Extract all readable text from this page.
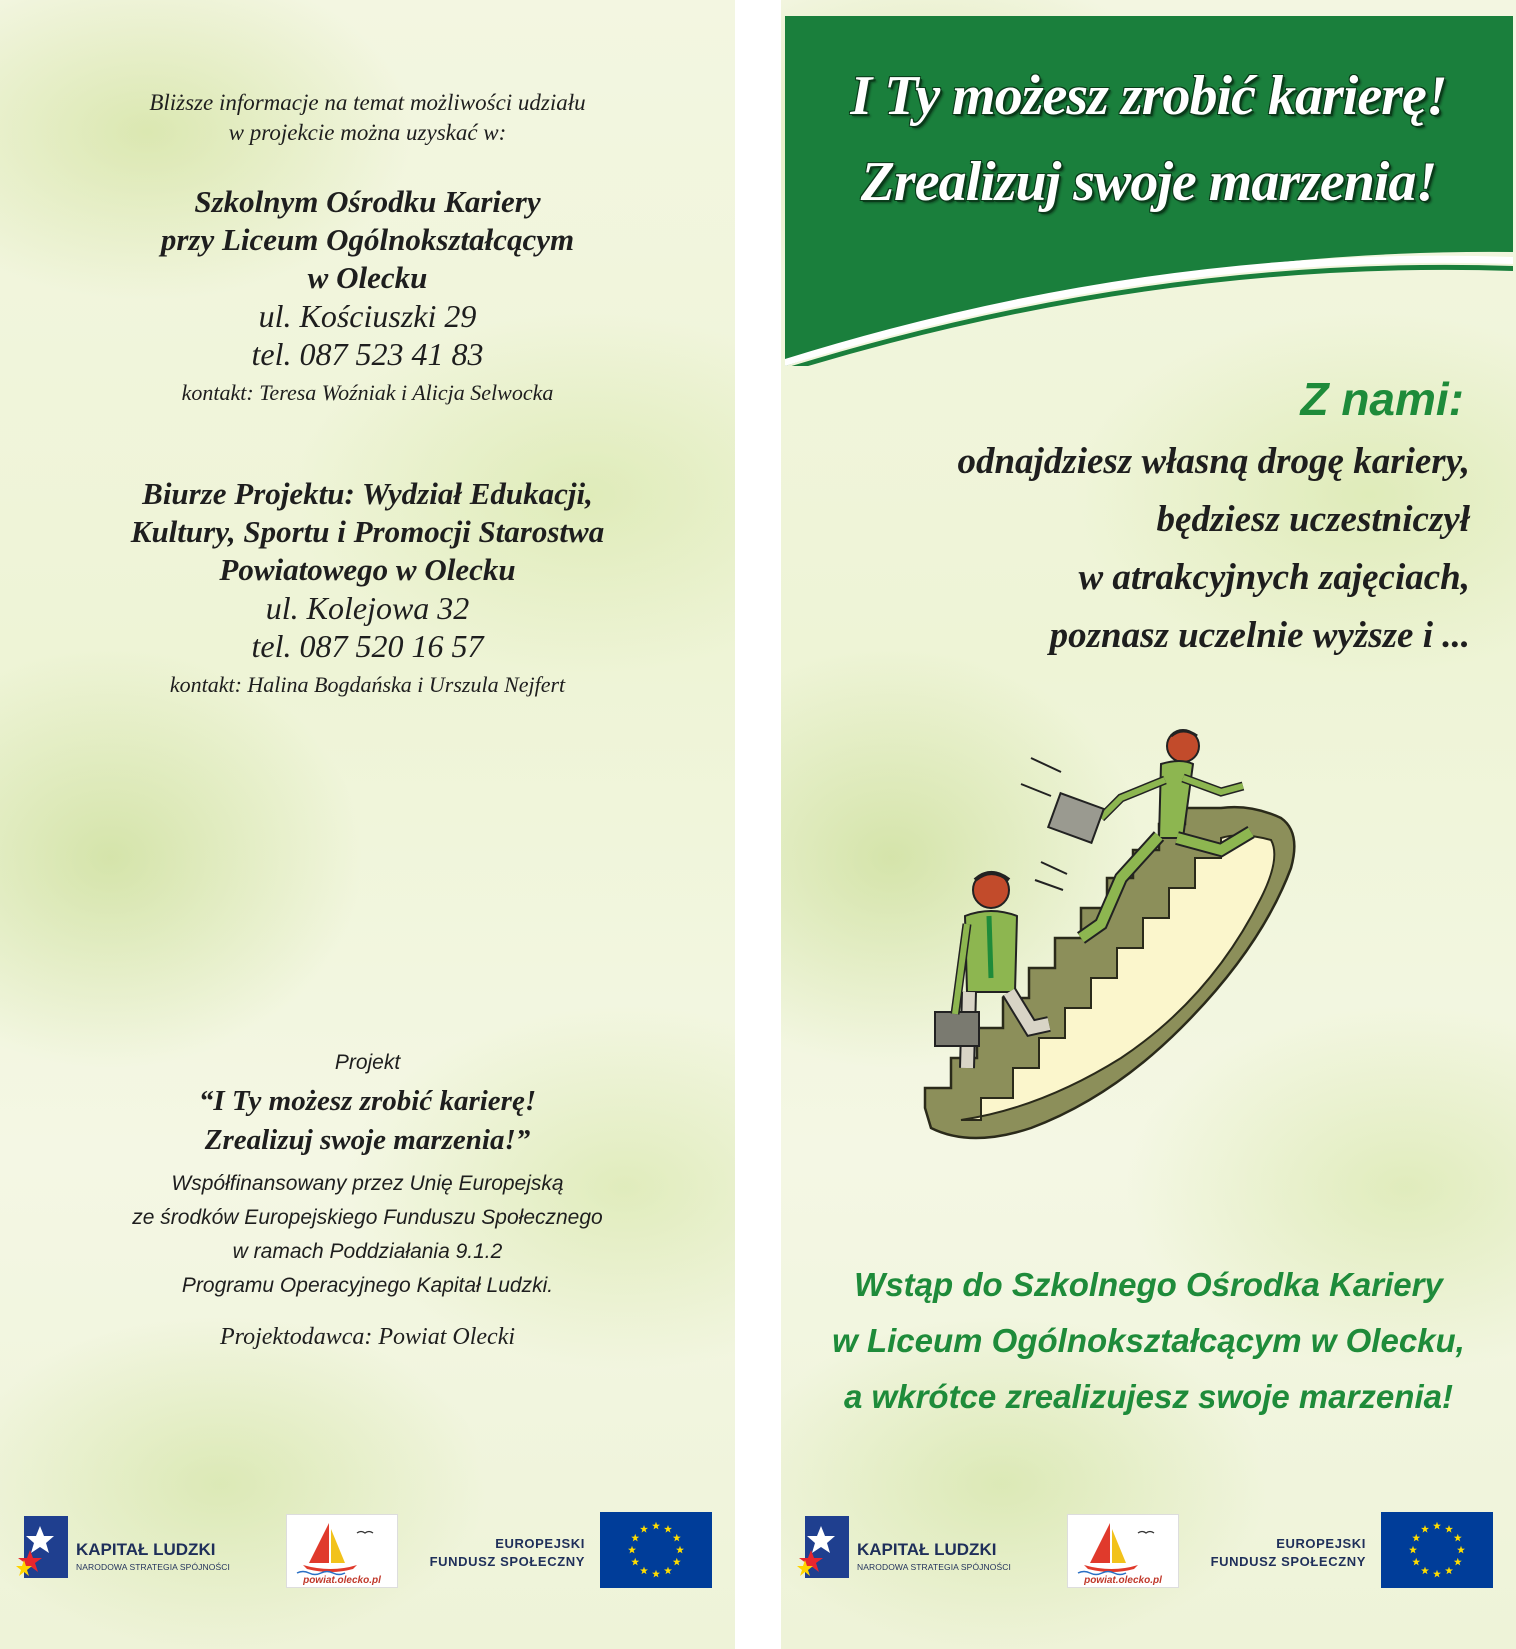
Bliższe informacje na temat możliwości udziału
w projekcie można uzyskać w:
Szkolnym Ośrodku Kariery
przy Liceum Ogólnokształcącym
w Olecku
ul. Kościuszki 29
tel. 087 523 41 83
kontakt: Teresa Woźniak i Alicja Selwocka
Biurze Projektu: Wydział Edukacji,
Kultury, Sportu i Promocji Starostwa
Powiatowego w Olecku
ul. Kolejowa 32
tel. 087 520 16 57
kontakt: Halina Bogdańska i Urszula Nejfert
Projekt
“I Ty możesz zrobić karierę!
Zrealizuj swoje marzenia!”
Współfinansowany przez Unię Europejską
ze środków Europejskiego Funduszu Społecznego
w ramach Poddziałania 9.1.2
Programu Operacyjnego Kapitał Ludzki.
Projektodawca: Powiat Olecki
KAPITAŁ LUDZKI
NARODOWA STRATEGIA SPÓJNOŚCI
powiat.olecko.pl
EUROPEJSKI
FUNDUSZ SPOŁECZNY
I Ty możesz zrobić karierę!
Zrealizuj swoje marzenia!
Z nami:
odnajdziesz własną drogę kariery,
będziesz uczestniczył
w atrakcyjnych zajęciach,
poznasz uczelnie wyższe i ...
Wstąp do Szkolnego Ośrodka Kariery
w Liceum Ogólnokształcącym w Olecku,
a wkrótce zrealizujesz swoje marzenia!
KAPITAŁ LUDZKI
NARODOWA STRATEGIA SPÓJNOŚCI
powiat.olecko.pl
EUROPEJSKI
FUNDUSZ SPOŁECZNY
